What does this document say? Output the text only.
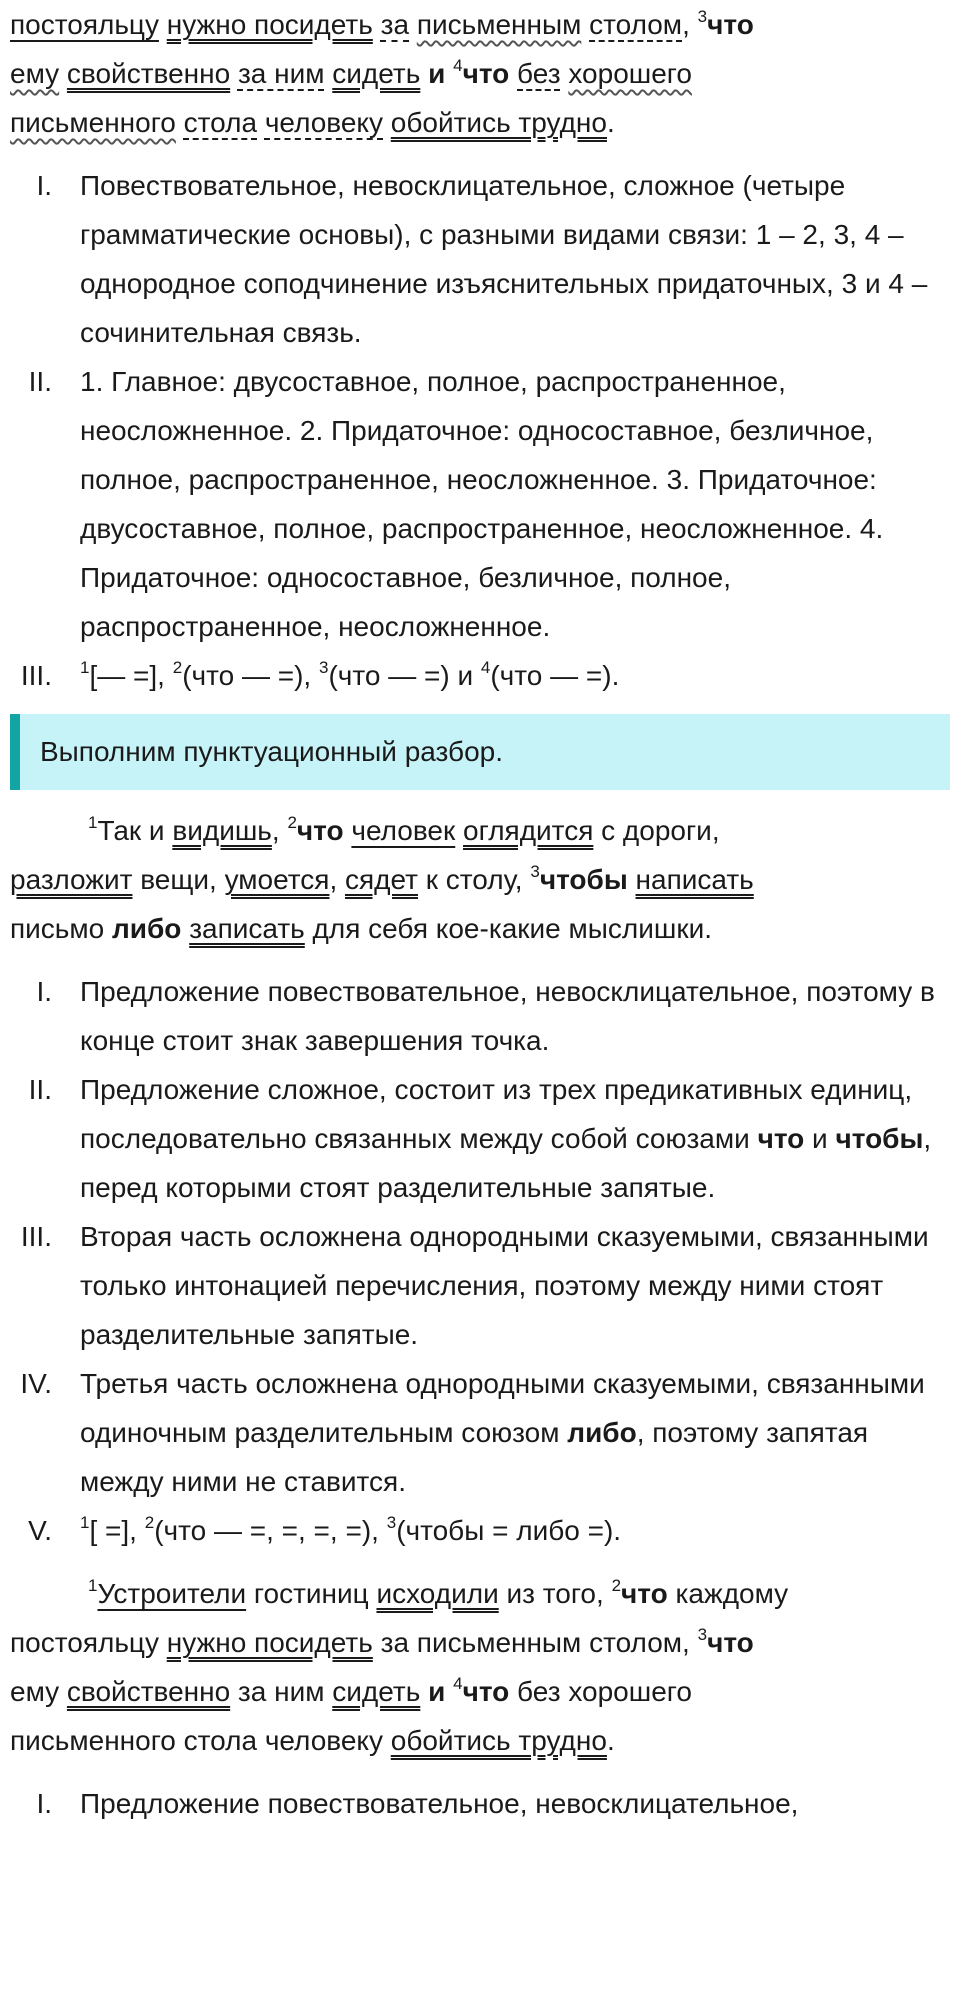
постояльцу нужно посидеть за письменным столом, $^3$что
ему свойственно за ним сидеть и $^4$что без хорошего
письменного стола человеку обойтись трудно.

I. Повествовательное, невосклицательное, сложное (четыре грамматические основы), с разными видами связи: 1 – 2, 3, 4 – однородное соподчинение изъяснительных придаточных, 3 и 4 – сочинительная связь.
II. 1. Главное: двусоставное, полное, распространенное, неосложненное. 2. Придаточное: односоставное, безличное, полное, распространенное, неосложненное. 3. Придаточное: двусоставное, полное, распространенное, неосложненное. 4. Придаточное: односоставное, безличное, полное, распространенное, неосложненное.
III. $^1$[— =], $^2$(что — =), $^3$(что — =) и $^4$(что — =).
Выполним пунктуационный разбор.

$^1$Так и видишь, $^2$что человек оглядится с дороги,
разложит вещи, умоется, сядет к столу, $^3$чтобы написать
письмо либо записать для себя кое-какие мыслишки.

I. Предложение повествовательное, невосклицательное, поэтому в конце стоит знак завершения точка.
II. Предложение сложное, состоит из трех предикативных единиц, последовательно связанных между собой союзами что и чтобы, перед которыми стоят разделительные запятые.
III. Вторая часть осложнена однородными сказуемыми, связанными только интонацией перечисления, поэтому между ними стоят разделительные запятые.
IV. Третья часть осложнена однородными сказуемыми, связанными одиночным разделительным союзом либо, поэтому запятая между ними не ставится.
V. $^1$[ =], $^2$(что — =, =, =, =), $^3$(чтобы = либо =).

$^1$Устроители гостиниц исходили из того, $^2$что каждому
постояльцу нужно посидеть за письменным столом, $^3$что
ему свойственно за ним сидеть и $^4$что без хорошего
письменного стола человеку обойтись трудно.

I. Предложение повествовательное, невосклицательное,
